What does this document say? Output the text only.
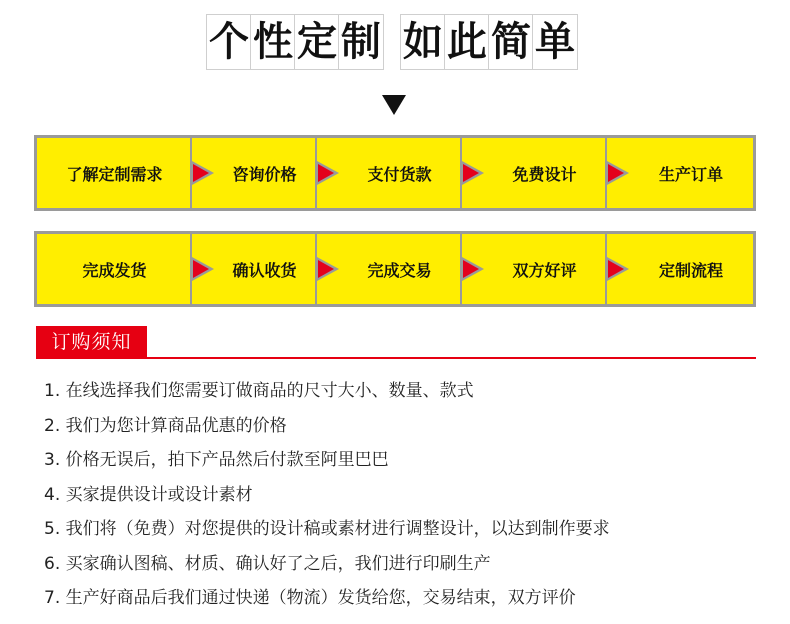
个 性 定 制 如 此 简 单
了解定制需求	咨询价格	支付货款	免费设计	生产订单
完成发货	确认收货	完成交易	双方好评	定制流程
订购须知
1. 在线选择我们您需要订做商品的尺寸大小、数量、款式
2. 我们为您计算商品优惠的价格
3. 价格无误后，拍下产品然后付款至阿里巴巴
4. 买家提供设计或设计素材
5. 我们将（免费）对您提供的设计稿或素材进行调整设计，以达到制作要求
6. 买家确认图稿、材质、确认好了之后，我们进行印刷生产
7. 生产好商品后我们通过快递（物流）发货给您，交易结束，双方评价
